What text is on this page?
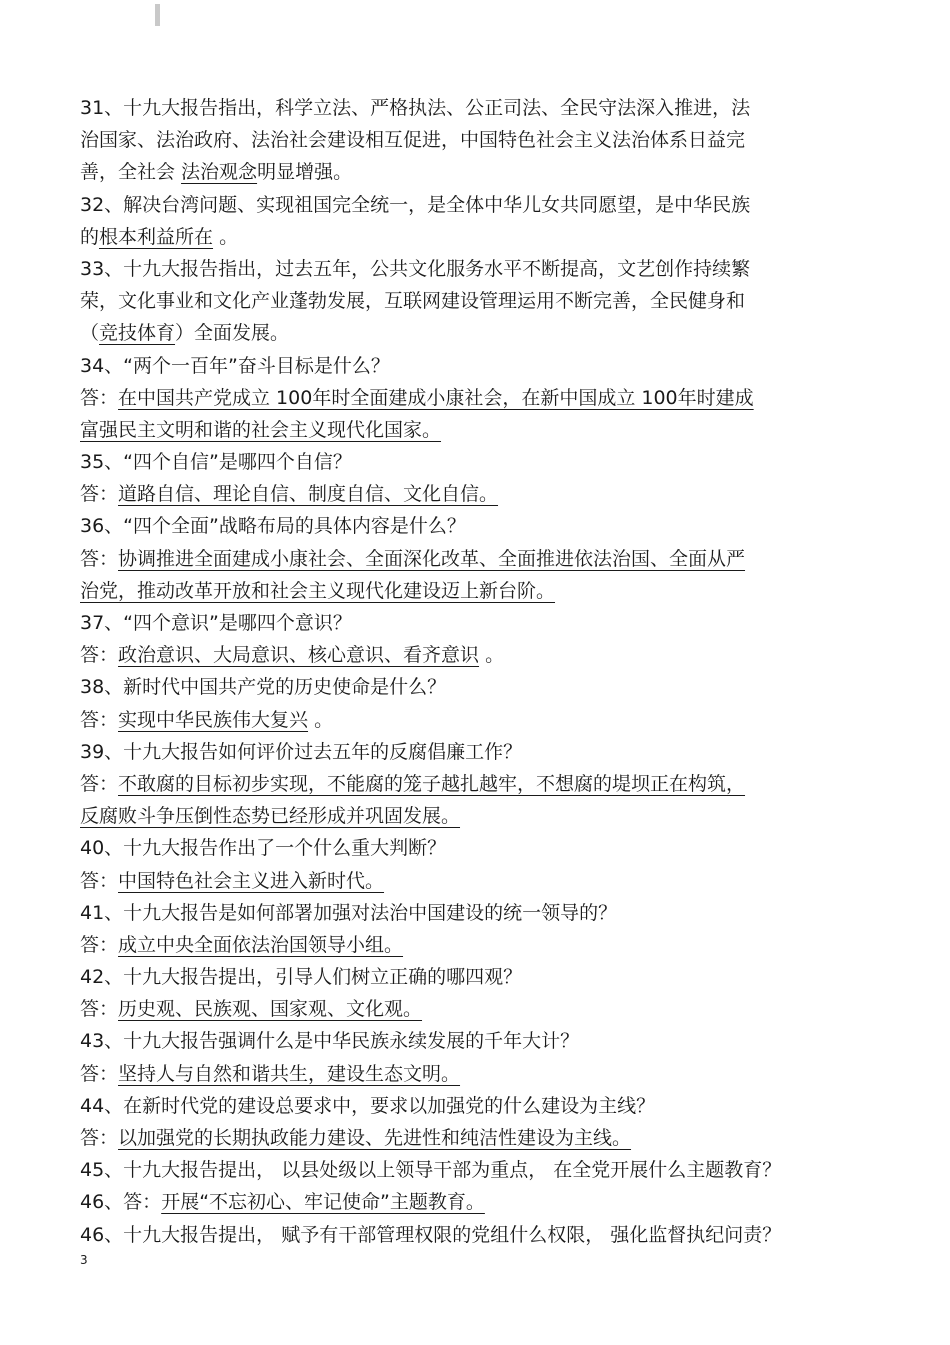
31、十九大报告指出，科学立法、严格执法、公正司法、全民守法深入推进，法
治国家、法治政府、法治社会建设相互促进，中国特色社会主义法治体系日益完
善，全社会 法治观念明显增强。
32、解决台湾问题、实现祖国完全统一，是全体中华儿女共同愿望，是中华民族
的根本利益所在 。
33、十九大报告指出，过去五年，公共文化服务水平不断提高，文艺创作持续繁
荣，文化事业和文化产业蓬勃发展，互联网建设管理运用不断完善，全民健身和
（竞技体育）全面发展。
34、“两个一百年”奋斗目标是什么？
答：在中国共产党成立 100年时全面建成小康社会，在新中国成立 100年时建成
富强民主文明和谐的社会主义现代化国家。
35、“四个自信”是哪四个自信？
答：道路自信、理论自信、制度自信、文化自信。
36、“四个全面”战略布局的具体内容是什么？
答：协调推进全面建成小康社会、全面深化改革、全面推进依法治国、全面从严
治党，推动改革开放和社会主义现代化建设迈上新台阶。
37、“四个意识”是哪四个意识？
答：政治意识、大局意识、核心意识、看齐意识 。
38、新时代中国共产党的历史使命是什么？
答：实现中华民族伟大复兴 。
39、十九大报告如何评价过去五年的反腐倡廉工作？
答：不敢腐的目标初步实现，不能腐的笼子越扎越牢，不想腐的堤坝正在构筑，
反腐败斗争压倒性态势已经形成并巩固发展。
40、十九大报告作出了一个什么重大判断？
答：中国特色社会主义进入新时代。
41、十九大报告是如何部署加强对法治中国建设的统一领导的？
答：成立中央全面依法治国领导小组。
42、十九大报告提出，引导人们树立正确的哪四观？
答：历史观、民族观、国家观、文化观。
43、十九大报告强调什么是中华民族永续发展的千年大计？
答：坚持人与自然和谐共生，建设生态文明。
44、在新时代党的建设总要求中，要求以加强党的什么建设为主线？
答：以加强党的长期执政能力建设、先进性和纯洁性建设为主线。
45、十九大报告提出， 以县处级以上领导干部为重点， 在全党开展什么主题教育？
46、答：开展“不忘初心、牢记使命”主题教育。
46、十九大报告提出， 赋予有干部管理权限的党组什么权限， 强化监督执纪问责？
3
